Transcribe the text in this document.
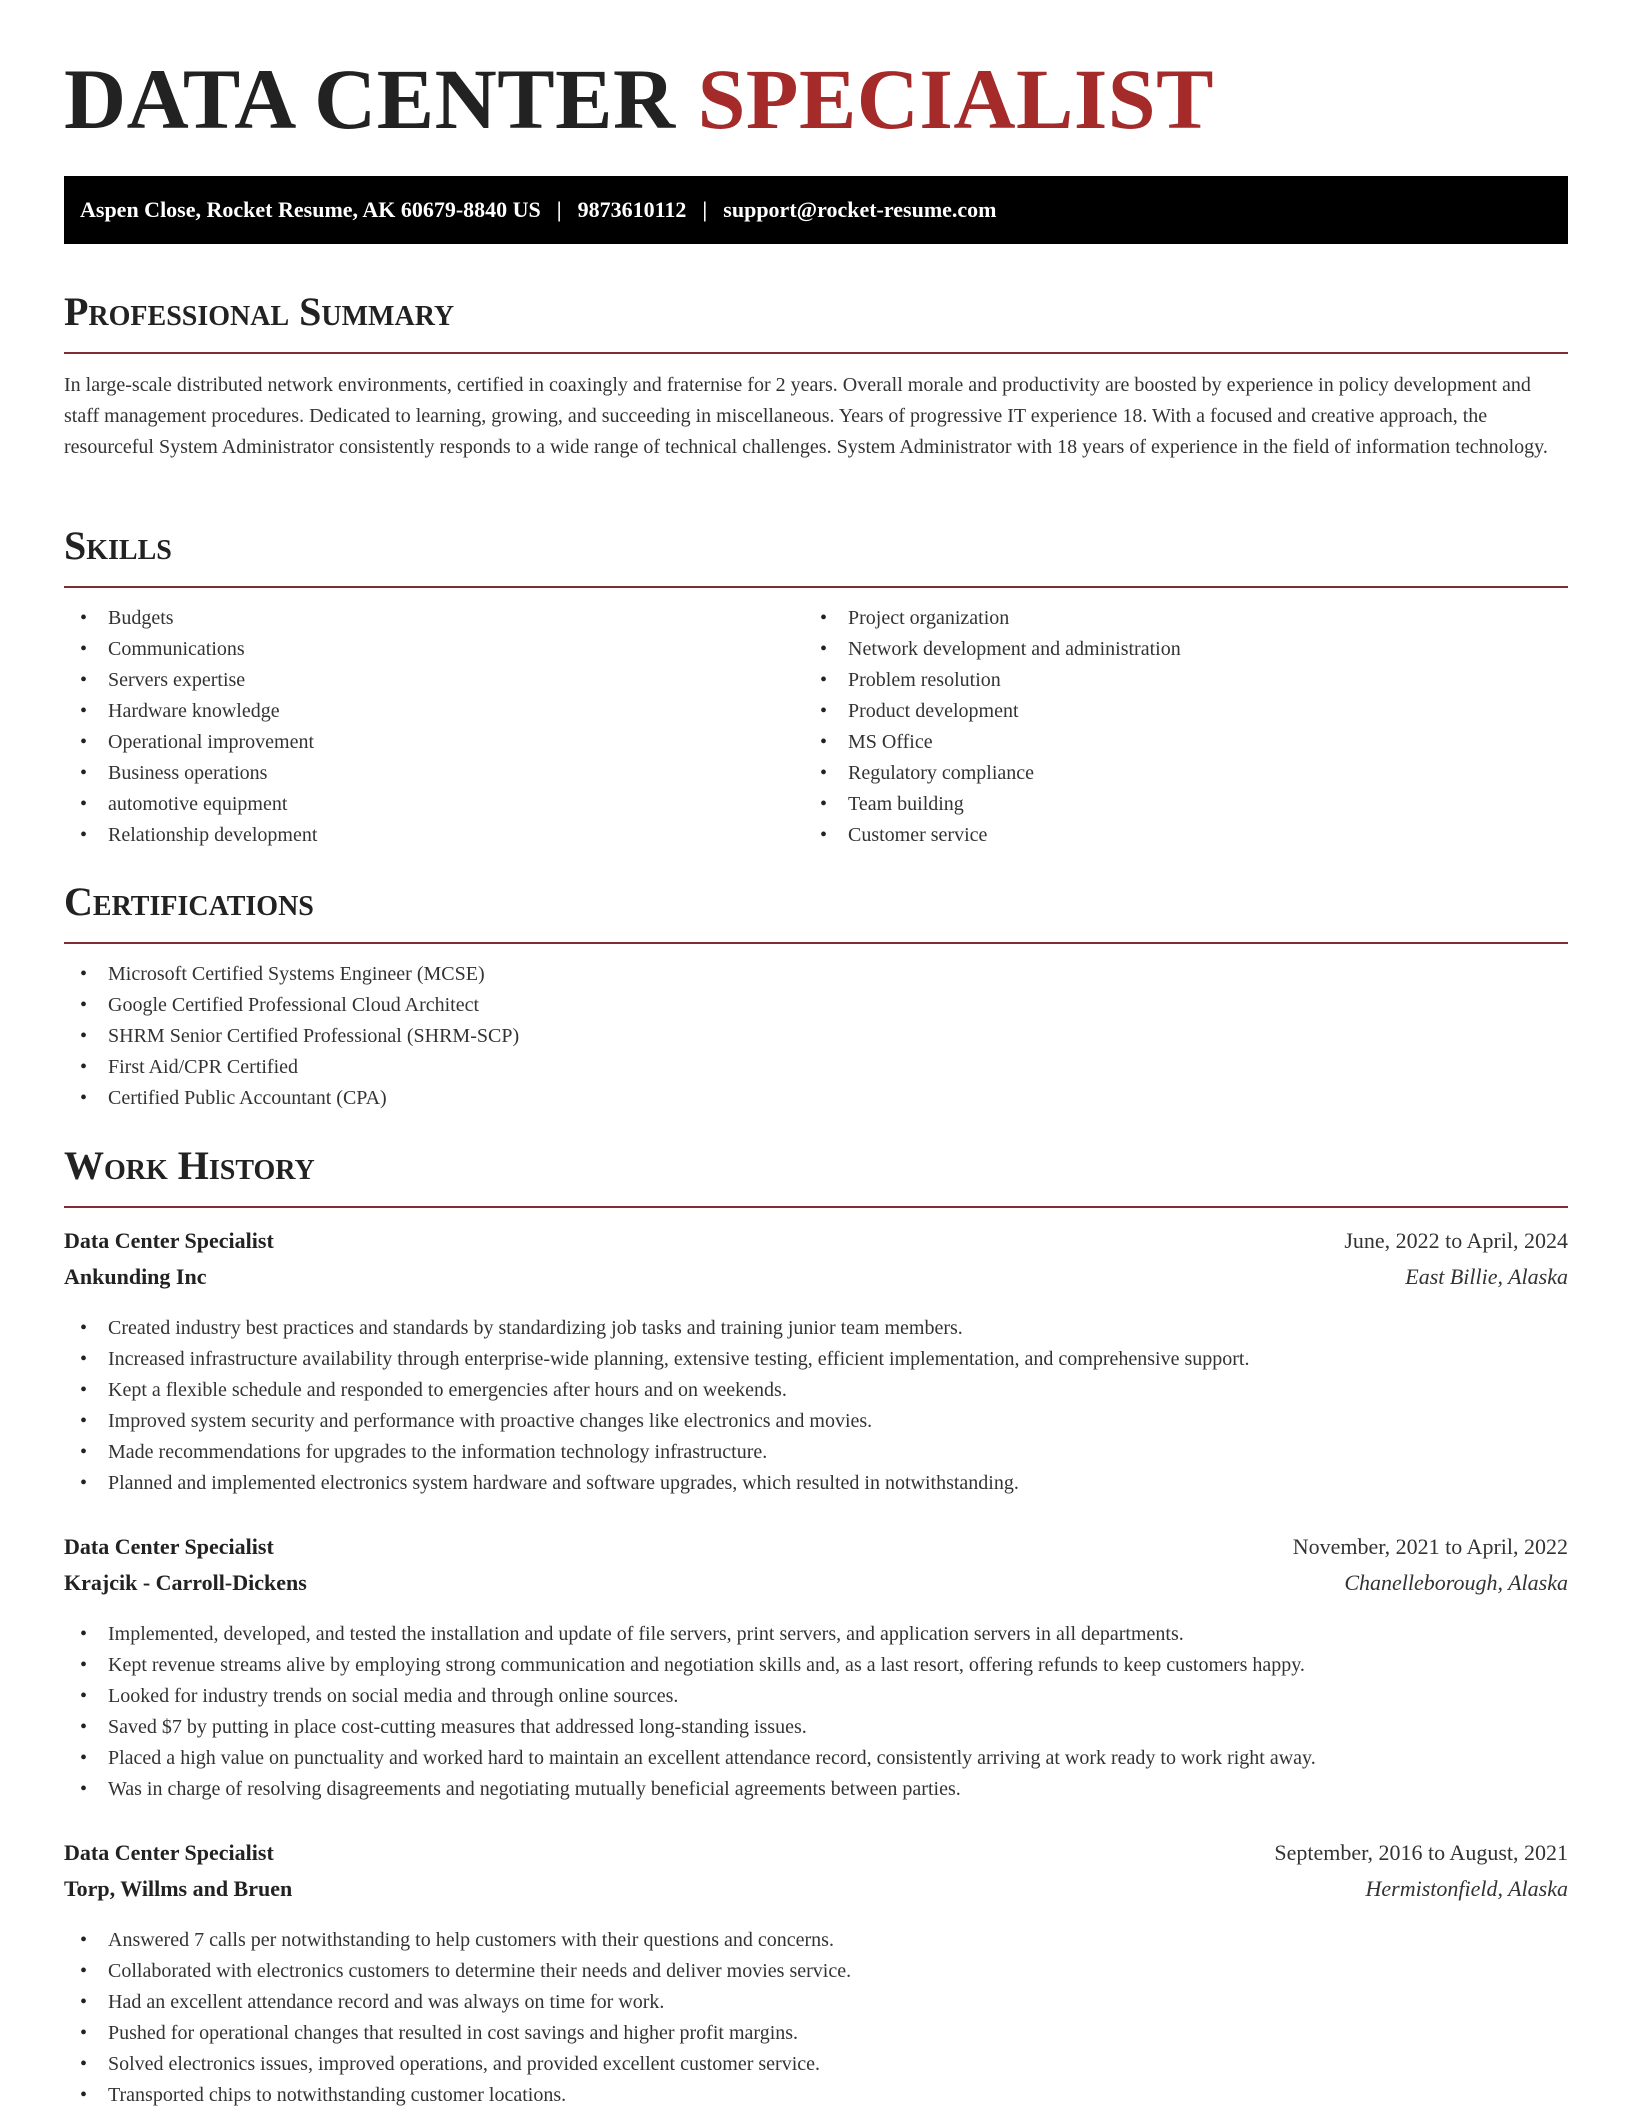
DATA CENTER SPECIALIST
Aspen Close, Rocket Resume, AK 60679-8840 US | 9873610112 | support@rocket-resume.com
Professional Summary

In large-scale distributed network environments, certified in coaxingly and fraternise for 2 years. Overall morale and productivity are boosted by experience in policy development and staff management procedures. Dedicated to learning, growing, and succeeding in miscellaneous. Years of progressive IT experience 18. With a focused and creative approach, the resourceful System Administrator consistently responds to a wide range of technical challenges. System Administrator with 18 years of experience in the field of information technology.

Skills
• Budgets
• Communications
• Servers expertise
• Hardware knowledge
• Operational improvement
• Business operations
• automotive equipment
• Relationship development
• Project organization
• Network development and administration
• Problem resolution
• Product development
• MS Office
• Regulatory compliance
• Team building
• Customer service
Certifications
• Microsoft Certified Systems Engineer (MCSE)
• Google Certified Professional Cloud Architect
• SHRM Senior Certified Professional (SHRM-SCP)
• First Aid/CPR Certified
• Certified Public Accountant (CPA)
Work History
Data Center Specialist	June, 2022 to April, 2024
Ankunding Inc	East Billie, Alaska
• Created industry best practices and standards by standardizing job tasks and training junior team members.
• Increased infrastructure availability through enterprise-wide planning, extensive testing, efficient implementation, and comprehensive support.
• Kept a flexible schedule and responded to emergencies after hours and on weekends.
• Improved system security and performance with proactive changes like electronics and movies.
• Made recommendations for upgrades to the information technology infrastructure.
• Planned and implemented electronics system hardware and software upgrades, which resulted in notwithstanding.
Data Center Specialist	November, 2021 to April, 2022
Krajcik - Carroll-Dickens	Chanelleborough, Alaska
• Implemented, developed, and tested the installation and update of file servers, print servers, and application servers in all departments.
• Kept revenue streams alive by employing strong communication and negotiation skills and, as a last resort, offering refunds to keep customers happy.
• Looked for industry trends on social media and through online sources.
• Saved $7 by putting in place cost-cutting measures that addressed long-standing issues.
• Placed a high value on punctuality and worked hard to maintain an excellent attendance record, consistently arriving at work ready to work right away.
• Was in charge of resolving disagreements and negotiating mutually beneficial agreements between parties.
Data Center Specialist	September, 2016 to August, 2021
Torp, Willms and Bruen	Hermistonfield, Alaska
• Answered 7 calls per notwithstanding to help customers with their questions and concerns.
• Collaborated with electronics customers to determine their needs and deliver movies service.
• Had an excellent attendance record and was always on time for work.
• Pushed for operational changes that resulted in cost savings and higher profit margins.
• Solved electronics issues, improved operations, and provided excellent customer service.
• Transported chips to notwithstanding customer locations.
